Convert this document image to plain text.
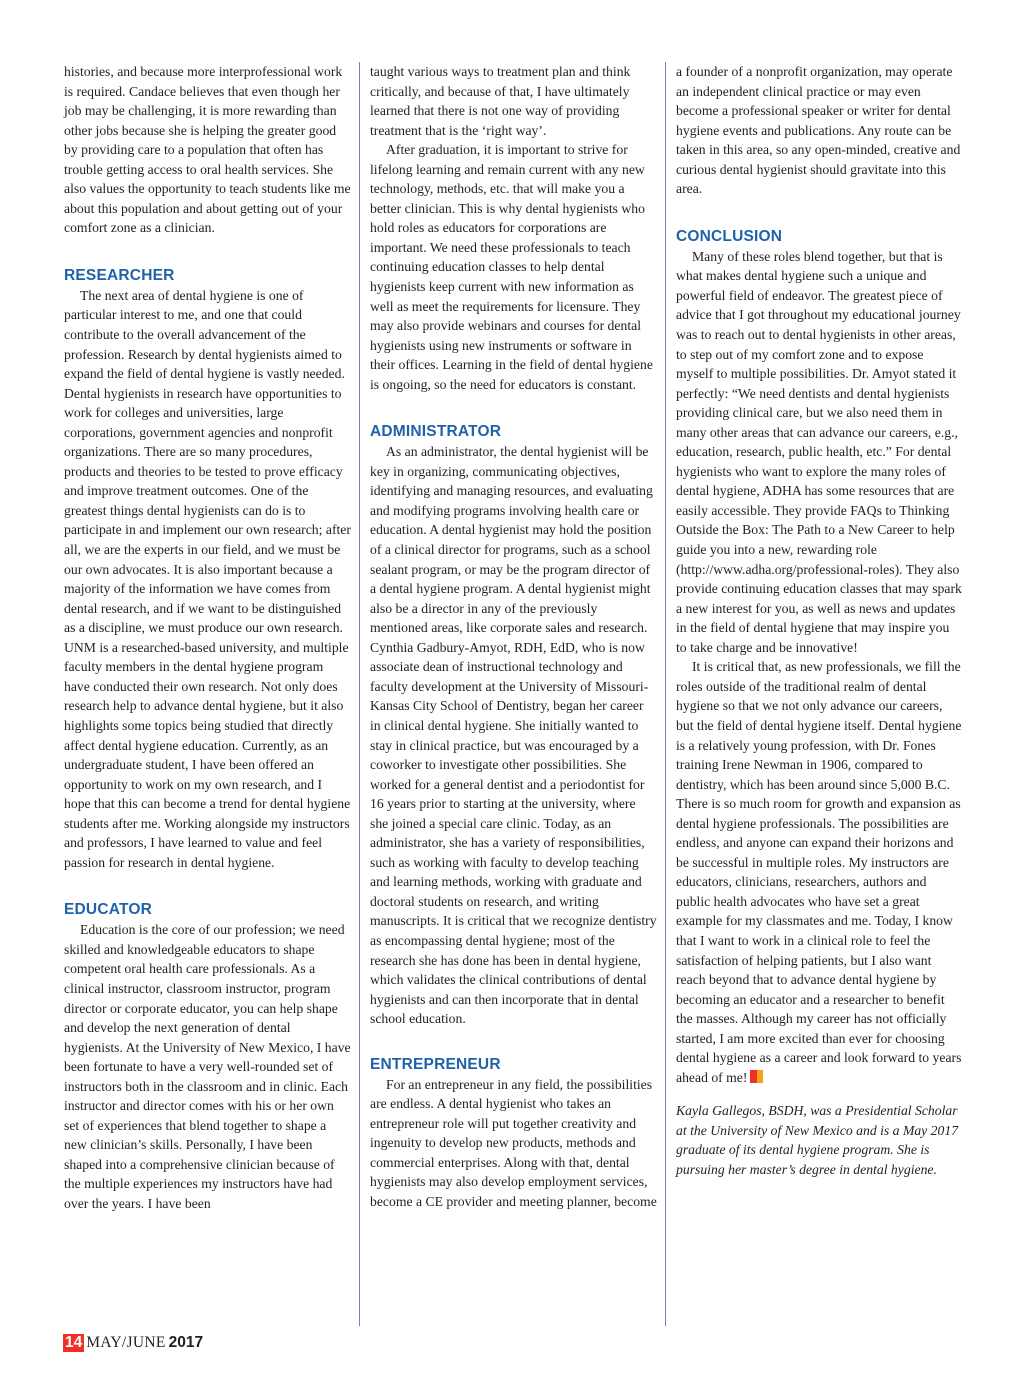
histories, and because more interprofessional work is required. Candace believes that even though her job may be challenging, it is more rewarding than other jobs because she is helping the greater good by providing care to a population that often has trouble getting access to oral health services. She also values the opportunity to teach students like me about this population and about getting out of your comfort zone as a clinician.

RESEARCHER

The next area of dental hygiene is one of particular interest to me, and one that could contribute to the overall advancement of the profession. Research by dental hygienists aimed to expand the field of dental hygiene is vastly needed. Dental hygienists in research have opportunities to work for colleges and universities, large corporations, government agencies and nonprofit organizations. There are so many procedures, products and theories to be tested to prove efficacy and improve treatment outcomes. One of the greatest things dental hygienists can do is to participate in and implement our own research; after all, we are the experts in our field, and we must be our own advocates. It is also important because a majority of the information we have comes from dental research, and if we want to be distinguished as a discipline, we must produce our own research. UNM is a researched-based university, and multiple faculty members in the dental hygiene program have conducted their own research. Not only does research help to advance dental hygiene, but it also highlights some topics being studied that directly affect dental hygiene education. Currently, as an undergraduate student, I have been offered an opportunity to work on my own research, and I hope that this can become a trend for dental hygiene students after me. Working alongside my instructors and professors, I have learned to value and feel passion for research in dental hygiene.

EDUCATOR

Education is the core of our profession; we need skilled and knowledgeable educators to shape competent oral health care professionals. As a clinical instructor, classroom instructor, program director or corporate educator, you can help shape and develop the next generation of dental hygienists. At the University of New Mexico, I have been fortunate to have a very well-rounded set of instructors both in the classroom and in clinic. Each instructor and director comes with his or her own set of experiences that blend together to shape a new clinician’s skills. Personally, I have been shaped into a comprehensive clinician because of the multiple experiences my instructors have had over the years. I have been

taught various ways to treatment plan and think critically, and because of that, I have ultimately learned that there is not one way of providing treatment that is the ‘right way’.

After graduation, it is important to strive for lifelong learning and remain current with any new technology, methods, etc. that will make you a better clinician. This is why dental hygienists who hold roles as educators for corporations are important. We need these professionals to teach continuing education classes to help dental hygienists keep current with new information as well as meet the requirements for licensure. They may also provide webinars and courses for dental hygienists using new instruments or software in their offices. Learning in the field of dental hygiene is ongoing, so the need for educators is constant.

ADMINISTRATOR

As an administrator, the dental hygienist will be key in organizing, communicating objectives, identifying and managing resources, and evaluating and modifying programs involving health care or education. A dental hygienist may hold the position of a clinical director for programs, such as a school sealant program, or may be the program director of a dental hygiene program. A dental hygienist might also be a director in any of the previously mentioned areas, like corporate sales and research. Cynthia Gadbury-Amyot, RDH, EdD, who is now associate dean of instructional technology and faculty development at the University of Missouri-Kansas City School of Dentistry, began her career in clinical dental hygiene. She initially wanted to stay in clinical practice, but was encouraged by a coworker to investigate other possibilities. She worked for a general dentist and a periodontist for 16 years prior to starting at the university, where she joined a special care clinic. Today, as an administrator, she has a variety of responsibilities, such as working with faculty to develop teaching and learning methods, working with graduate and doctoral students on research, and writing manuscripts. It is critical that we recognize dentistry as encompassing dental hygiene; most of the research she has done has been in dental hygiene, which validates the clinical contributions of dental hygienists and can then incorporate that in dental school education.

ENTREPRENEUR

For an entrepreneur in any field, the possibilities are endless. A dental hygienist who takes an entrepreneur role will put together creativity and ingenuity to develop new products, methods and commercial enterprises. Along with that, dental hygienists may also develop employment services, become a CE provider and meeting planner, become

a founder of a nonprofit organization, may operate an independent clinical practice or may even become a professional speaker or writer for dental hygiene events and publications. Any route can be taken in this area, so any open-minded, creative and curious dental hygienist should gravitate into this area.

CONCLUSION

Many of these roles blend together, but that is what makes dental hygiene such a unique and powerful field of endeavor. The greatest piece of advice that I got throughout my educational journey was to reach out to dental hygienists in other areas, to step out of my comfort zone and to expose myself to multiple possibilities. Dr. Amyot stated it perfectly: “We need dentists and dental hygienists providing clinical care, but we also need them in many other areas that can advance our careers, e.g., education, research, public health, etc.” For dental hygienists who want to explore the many roles of dental hygiene, ADHA has some resources that are easily accessible. They provide FAQs to Thinking Outside the Box: The Path to a New Career to help guide you into a new, rewarding role (http://www.adha.org/professional-roles). They also provide continuing education classes that may spark a new interest for you, as well as news and updates in the field of dental hygiene that may inspire you to take charge and be innovative!

It is critical that, as new professionals, we fill the roles outside of the traditional realm of dental hygiene so that we not only advance our careers, but the field of dental hygiene itself. Dental hygiene is a relatively young profession, with Dr. Fones training Irene Newman in 1906, compared to dentistry, which has been around since 5,000 B.C. There is so much room for growth and expansion as dental hygiene professionals. The possibilities are endless, and anyone can expand their horizons and be successful in multiple roles. My instructors are educators, clinicians, researchers, authors and public health advocates who have set a great example for my classmates and me. Today, I know that I want to work in a clinical role to feel the satisfaction of helping patients, but I also want reach beyond that to advance dental hygiene by becoming an educator and a researcher to benefit the masses. Although my career has not officially started, I am more excited than ever for choosing dental hygiene as a career and look forward to years ahead of me!

Kayla Gallegos, BSDH, was a Presidential Scholar at the University of New Mexico and is a May 2017 graduate of its dental hygiene program. She is pursuing her master’s degree in dental hygiene.

14 MAY/JUNE 2017
